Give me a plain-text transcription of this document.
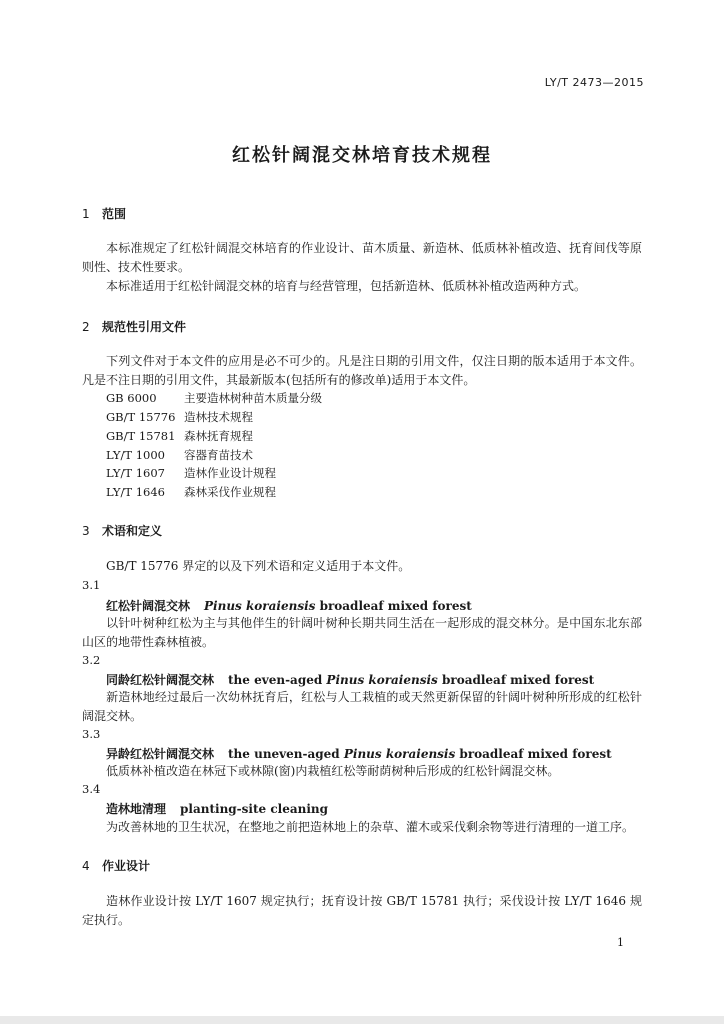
LY/T 2473—2015
红松针阔混交林培育技术规程
1 范围
本标准规定了红松针阔混交林培育的作业设计、苗木质量、新造林、低质林补植改造、抚育间伐等原则性、技术性要求。
本标准适用于红松针阔混交林的培育与经营管理，包括新造林、低质林补植改造两种方式。
2 规范性引用文件
下列文件对于本文件的应用是必不可少的。凡是注日期的引用文件，仅注日期的版本适用于本文件。凡是不注日期的引用文件，其最新版本(包括所有的修改单)适用于本文件。
GB 6000 主要造林树种苗木质量分级
GB/T 15776 造林技术规程
GB/T 15781 森林抚育规程
LY/T 1000 容器育苗技术
LY/T 1607 造林作业设计规程
LY/T 1646 森林采伐作业规程
3 术语和定义
GB/T 15776 界定的以及下列术语和定义适用于本文件。
3.1
红松针阔混交林 Pinus koraiensis broadleaf mixed forest
以针叶树种红松为主与其他伴生的针阔叶树种长期共同生活在一起形成的混交林分。是中国东北东部山区的地带性森林植被。
3.2
同龄红松针阔混交林 the even-aged Pinus koraiensis broadleaf mixed forest
新造林地经过最后一次幼林抚育后，红松与人工栽植的或天然更新保留的针阔叶树种所形成的红松针阔混交林。
3.3
异龄红松针阔混交林 the uneven-aged Pinus koraiensis broadleaf mixed forest
低质林补植改造在林冠下或林隙(窗)内栽植红松等耐荫树种后形成的红松针阔混交林。
3.4
造林地清理 planting-site cleaning
为改善林地的卫生状况，在整地之前把造林地上的杂草、灌木或采伐剩余物等进行清理的一道工序。
4 作业设计
造林作业设计按 LY/T 1607 规定执行；抚育设计按 GB/T 15781 执行；采伐设计按 LY/T 1646 规定执行。
1
